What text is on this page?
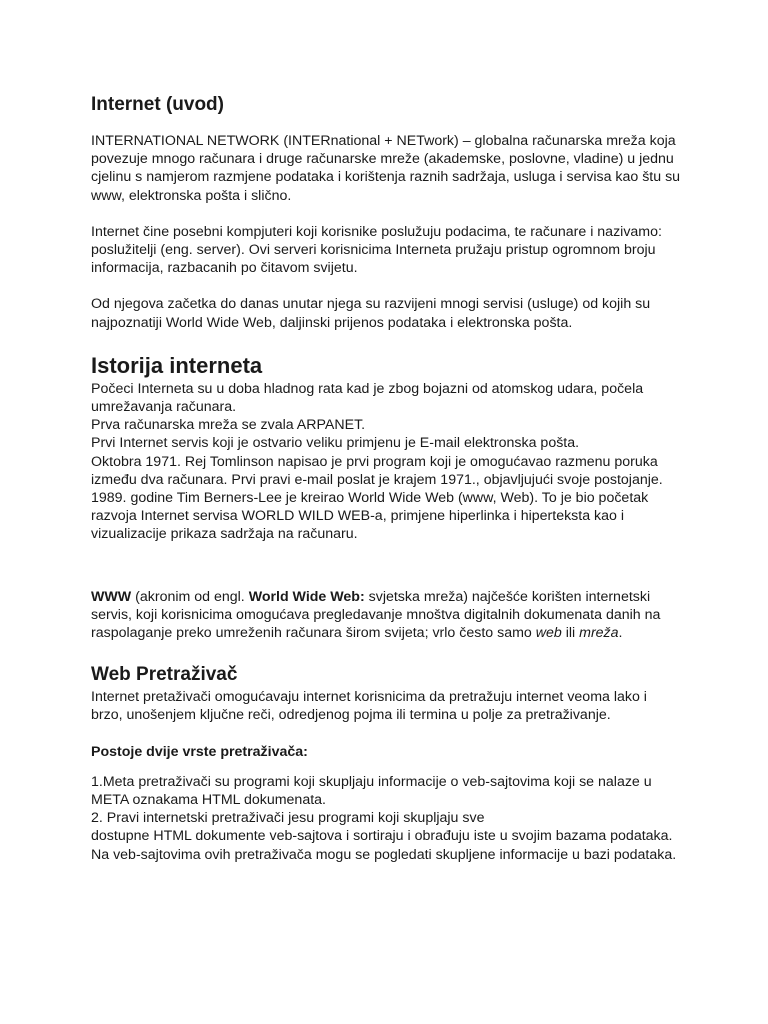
Internet (uvod)

INTERNATIONAL NETWORK (INTERnational + NETwork) – globalna računarska mreža koja povezuje mnogo računara i druge računarske mreže (akademske, poslovne, vladine) u jednu cjelinu s namjerom razmjene podataka i korištenja raznih sadržaja, usluga i servisa kao štu su www, elektronska pošta i slično.

Internet čine posebni kompjuteri koji korisnike poslužuju podacima, te računare i nazivamo: poslužitelji (eng. server). Ovi serveri korisnicima Interneta pružaju pristup ogromnom broju informacija, razbacanih po čitavom svijetu.

Od njegova začetka do danas unutar njega su razvijeni mnogi servisi (usluge) od kojih su najpoznatiji World Wide Web, daljinski prijenos podataka i elektronska pošta.

Istorija interneta

Počeci Interneta su u doba hladnog rata kad je zbog bojazni od atomskog udara, počela umrežavanja računara.

Prva računarska mreža se zvala ARPANET.

Prvi Internet servis koji je ostvario veliku primjenu je E-mail elektronska pošta.

Oktobra 1971. Rej Tomlinson napisao je prvi program koji je omogućavao razmenu poruka između dva računara. Prvi pravi e-mail poslat je krajem 1971., objavljujući svoje postojanje.

1989. godine Tim Berners-Lee je kreirao World Wide Web (www, Web). To je bio početak razvoja Internet servisa WORLD WILD WEB-a, primjene hiperlinka i hiperteksta kao i vizualizacije prikaza sadržaja na računaru.

WWW (akronim od engl. World Wide Web: svjetska mreža) najčešće korišten internetski servis, koji korisnicima omogućava pregledavanje mnoštva digitalnih dokumenata danih na raspolaganje preko umreženih računara širom svijeta; vrlo često samo web ili mreža.

Web Pretraživač

Internet pretaživači omogućavaju internet korisnicima da pretražuju internet veoma lako i brzo, unošenjem ključne reči, odredjenog pojma ili termina u polje za pretraživanje.

Postoje dvije vrste pretraživača:

1.Meta pretraživači su programi koji skupljaju informacije o veb-sajtovima koji se nalaze u META oznakama HTML dokumenata.

2. Pravi internetski pretraživači jesu programi koji skupljaju sve

dostupne HTML dokumente veb-sajtova i sortiraju i obrađuju iste u svojim bazama podataka. Na veb-sajtovima ovih pretraživača mogu se pogledati skupljene informacije u bazi podataka.
